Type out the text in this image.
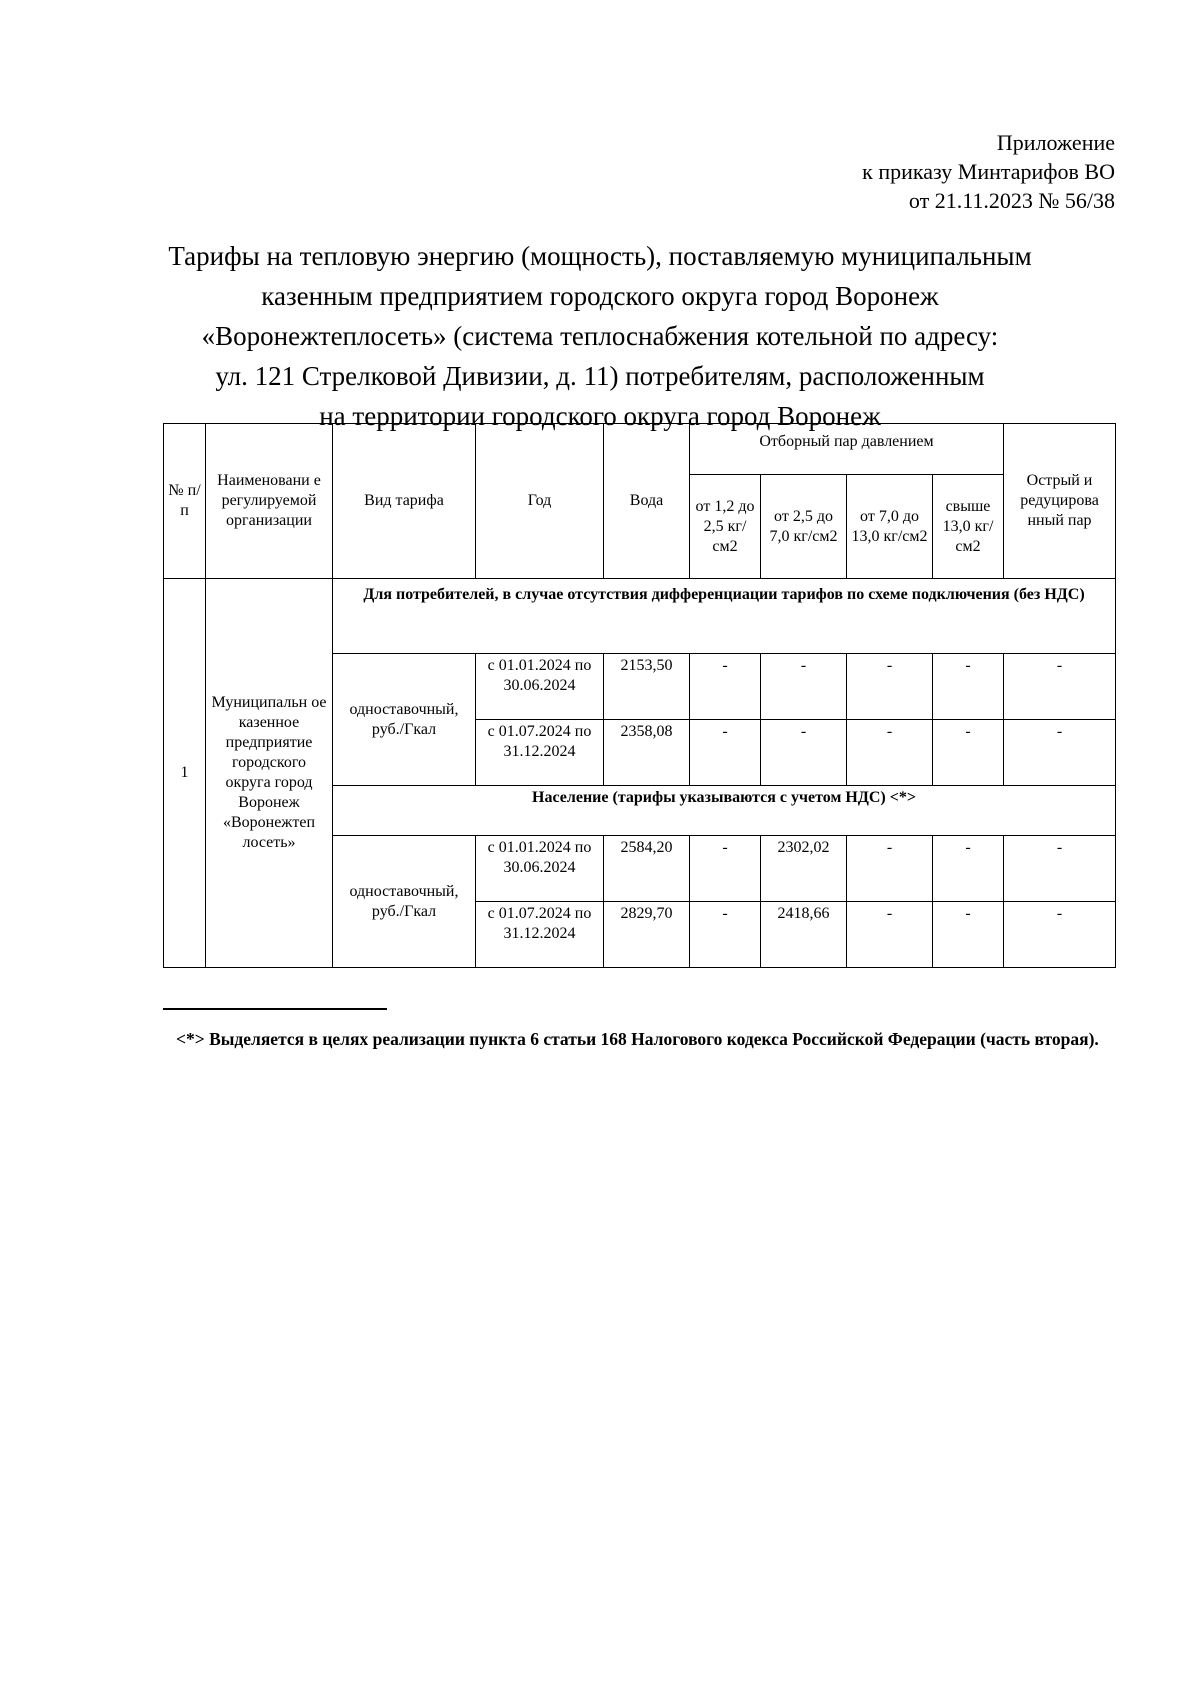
Приложение
к приказу Минтарифов ВО
от 21.11.2023 № 56/38
Тарифы на тепловую энергию (мощность), поставляемую муниципальным
казенным предприятием городского округа город Воронеж
«Воронежтеплосеть» (система теплоснабжения котельной по адресу:
ул. 121 Стрелковой Дивизии, д. 11) потребителям, расположенным
на территории городского округа город Воронеж
№ п/п	Наименовани е регулируемой организации	Вид тарифа	Год	Вода	Отборный пар давлением				Острый и редуцирова нный пар
					от 1,2 до 2,5 кг/см2	от 2,5 до 7,0 кг/см2	от 7,0 до 13,0 кг/см2	свыше 13,0 кг/см2	
1	Муниципальн ое казенное предприятие городского округа город Воронеж «Воронежтеп лосеть»	Для потребителей, в случае отсутствия дифференциации тарифов по схеме подключения (без НДС)							
		одноставочный, руб./Гкал	с 01.01.2024 по 30.06.2024	2153,50	-	-	-	-	-
			с 01.07.2024 по 31.12.2024	2358,08	-	-	-	-	-
		Население (тарифы указываются с учетом НДС) <*>							
		одноставочный, руб./Гкал	с 01.01.2024 по 30.06.2024	2584,20	-	2302,02	-	-	-
			с 01.07.2024 по 31.12.2024	2829,70	-	2418,66	-	-	-
<*> Выделяется в целях реализации пункта 6 статьи 168 Налогового кодекса Российской Федерации (часть вторая).
